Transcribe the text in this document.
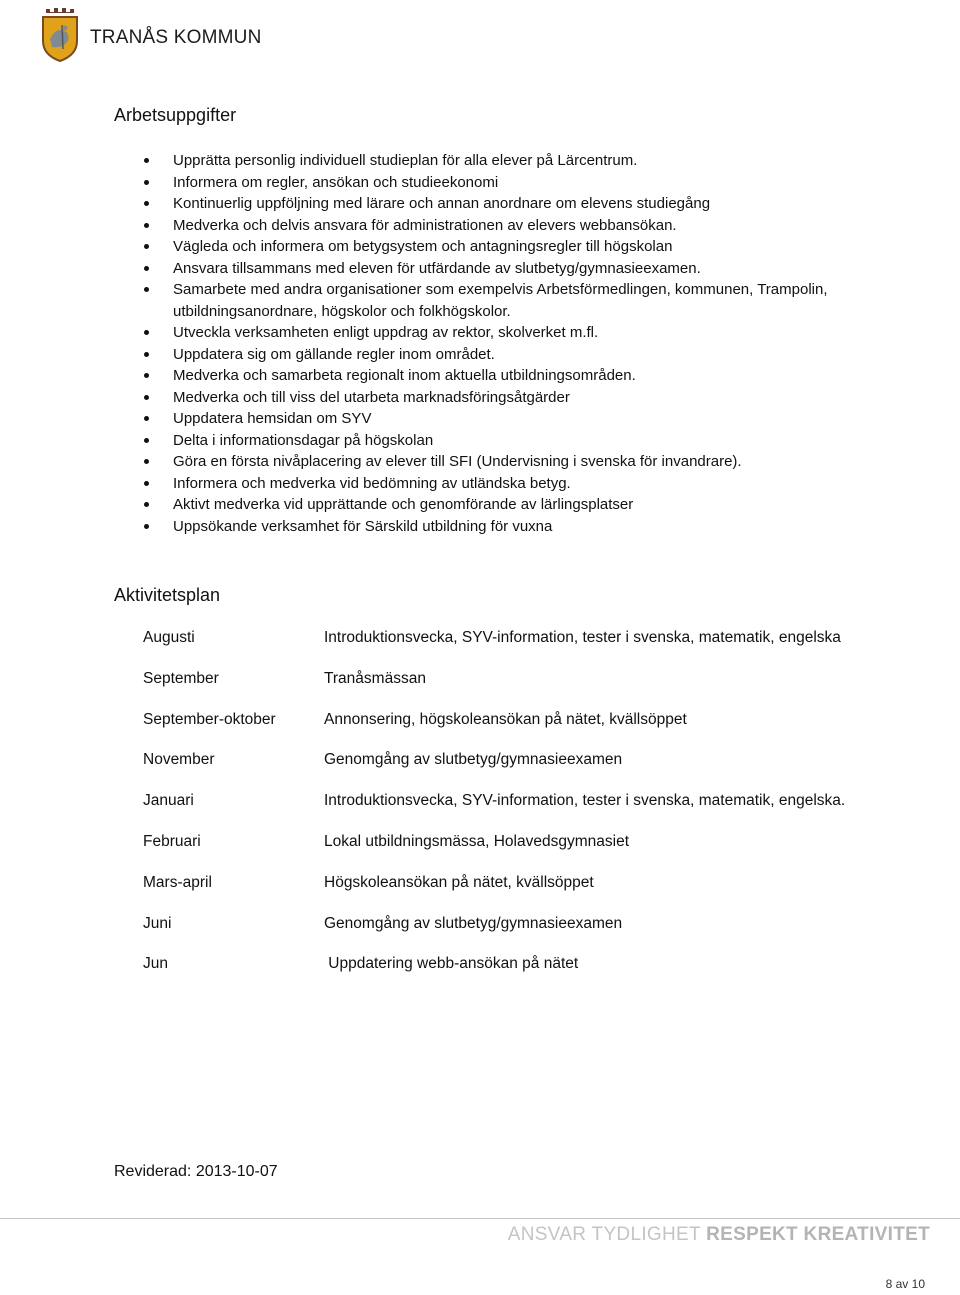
TRANÅS KOMMUN
Arbetsuppgifter
Upprätta personlig individuell studieplan för alla elever på Lärcentrum.
Informera om regler, ansökan och studieekonomi
Kontinuerlig uppföljning med lärare och annan anordnare om elevens studiegång
Medverka och delvis ansvara för administrationen av elevers webbansökan.
Vägleda och informera om betygsystem och antagningsregler till högskolan
Ansvara tillsammans med eleven för utfärdande av slutbetyg/gymnasieexamen.
Samarbete med andra organisationer som exempelvis Arbetsförmedlingen, kommunen, Trampolin, utbildningsanordnare, högskolor och folkhögskolor.
Utveckla verksamheten enligt uppdrag av rektor, skolverket m.fl.
Uppdatera sig om gällande regler inom området.
Medverka och samarbeta regionalt inom aktuella utbildningsområden.
Medverka och till viss del utarbeta marknadsföringsåtgärder
Uppdatera hemsidan om SYV
Delta i informationsdagar på högskolan
Göra en första nivåplacering av elever till SFI (Undervisning i svenska för invandrare).
Informera och medverka vid bedömning av utländska betyg.
Aktivt medverka vid upprättande och genomförande av lärlingsplatser
Uppsökande verksamhet för Särskild utbildning för vuxna
Aktivitetsplan
Augusti	Introduktionsvecka, SYV-information, tester i svenska, matematik, engelska
September	Tranåsmässan
September-oktober	Annonsering, högskoleansökan på nätet, kvällsöppet
November	Genomgång av slutbetyg/gymnasieexamen
Januari	Introduktionsvecka, SYV-information, tester i svenska, matematik, engelska.
Februari	Lokal utbildningsmässa, Holavedsgymnasiet
Mars-april	Högskoleansökan på nätet, kvällsöppet
Juni	Genomgång av slutbetyg/gymnasieexamen
Jun	Uppdatering webb-ansökan på nätet
Reviderad: 2013-10-07
ANSVAR TYDLIGHET RESPEKT KREATIVITET
8 av 10
